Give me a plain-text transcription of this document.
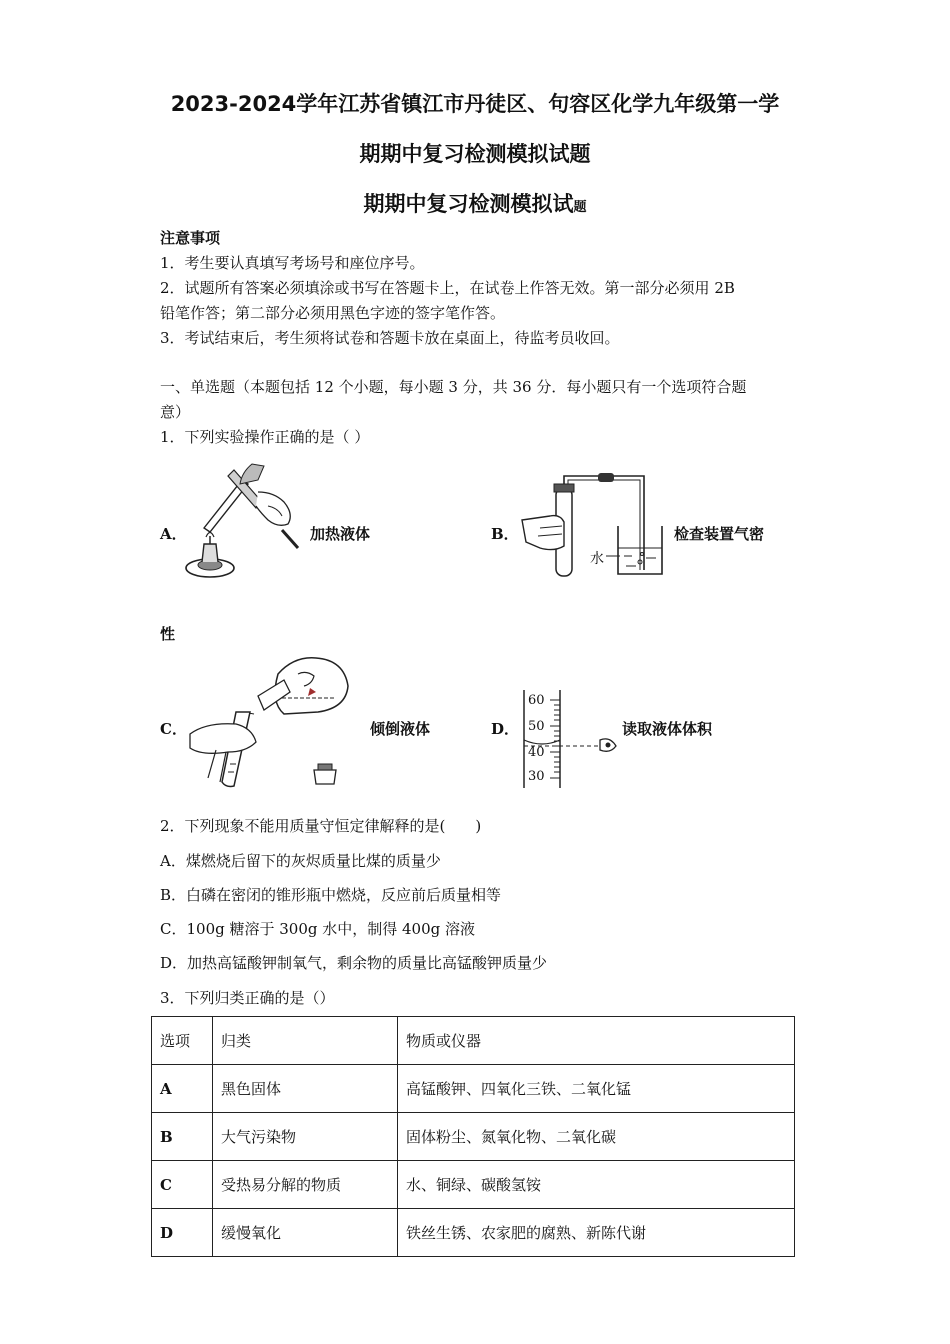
2023-2024学年江苏省镇江市丹徒区、句容区化学九年级第一学
期期中复习检测模拟试题
期期中复习检测模拟试题
注意事项
1．考生要认真填写考场号和座位序号。
2．试题所有答案必须填涂或书写在答题卡上，在试卷上作答无效。第一部分必须用 2B
铅笔作答；第二部分必须用黑色字迹的签字笔作答。
3．考试结束后，考生须将试卷和答题卡放在桌面上，待监考员收回。
一、单选题（本题包括 12 个小题，每小题 3 分，共 36 分．每小题只有一个选项符合题
意）
1．下列实验操作正确的是（ ）
A．	加热液体	B．
水
检查装置气密
性
C．	倾倒液体	D．
60
50
40
30
读取液体体积
2．下列现象不能用质量守恒定律解释的是(　　)
A．煤燃烧后留下的灰烬质量比煤的质量少
B．白磷在密闭的锥形瓶中燃烧，反应前后质量相等
C．100g 糖溶于 300g 水中，制得 400g 溶液
D．加热高锰酸钾制氧气，剩余物的质量比高锰酸钾质量少
3．下列归类正确的是（）
选项	归类	物质或仪器
A	黑色固体	高锰酸钾、四氧化三铁、二氧化锰
B	大气污染物	固体粉尘、氮氧化物、二氧化碳
C	受热易分解的物质	水、铜绿、碳酸氢铵
D	缓慢氧化	铁丝生锈、农家肥的腐熟、新陈代谢
